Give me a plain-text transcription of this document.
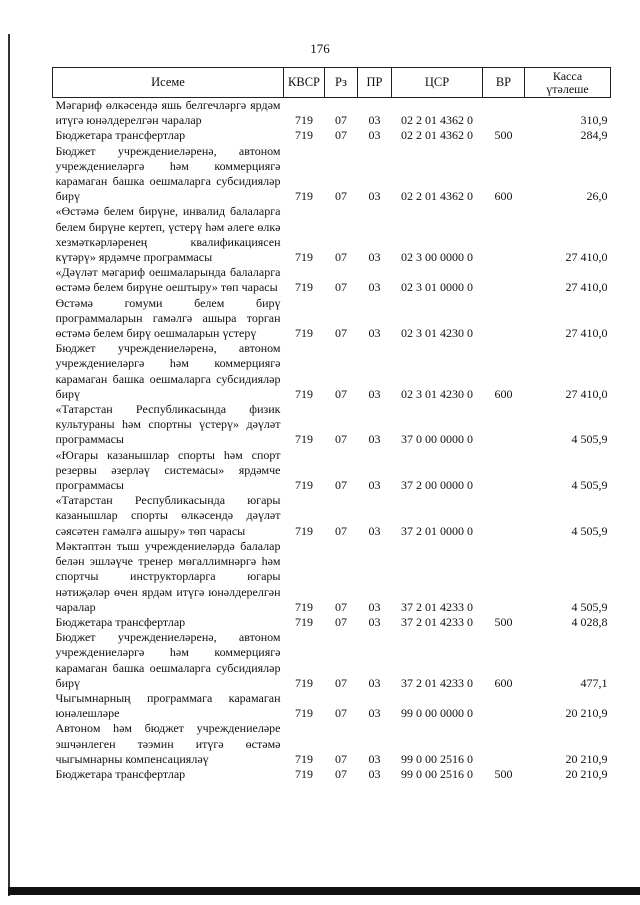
176
Исеме	КВСР	Рз	ПР	ЦСР	ВР	Касса
үтәлеше
Мәгариф өлкәсендә яшь белгечләргә ярдәм итүгә юнәлдерелгән чаралар	719	07	03	02 2 01 4362 0		310,9
Бюджетара трансфертлар	719	07	03	02 2 01 4362 0	500	284,9
Бюджет учреждениеләренә, автоном учреждениеләргә һәм коммерциягә карамаган башка оешмаларга субсидияләр бирү	719	07	03	02 2 01 4362 0	600	26,0
«Өстәмә белем бирүне, инвалид балаларга белем бирүне кертеп, үстерү һәм әлеге өлкә хезмәткәрләренең квалификациясен күтәрү» ярдәмче программасы	719	07	03	02 3 00 0000 0		27 410,0
«Дәүләт мәгариф оешмаларында балаларга өстәмә белем бирүне оештыру» төп чарасы	719	07	03	02 3 01 0000 0		27 410,0
Өстәмә гомуми белем бирү программаларын гамәлгә ашыра торган өстәмә белем бирү оешмаларын үстерү	719	07	03	02 3 01 4230 0		27 410,0
Бюджет учреждениеләренә, автоном учреждениеләргә һәм коммерциягә карамаган башка оешмаларга субсидияләр бирү	719	07	03	02 3 01 4230 0	600	27 410,0
«Татарстан Республикасында физик культураны һәм спортны үстерү» дәүләт программасы	719	07	03	37 0 00 0000 0		4 505,9
«Югары казанышлар спорты һәм спорт резервы әзерләү системасы» ярдәмче программасы	719	07	03	37 2 00 0000 0		4 505,9
«Татарстан Республикасында югары казанышлар спорты өлкәсендә дәүләт сәясәтен гамәлгә ашыру» төп чарасы	719	07	03	37 2 01 0000 0		4 505,9
Мәктәптән тыш учреждениеләрдә балалар белән эшләүче тренер мөгаллимнәргә һәм спортчы инструкторларга югары нәтиҗәләр өчен ярдәм итүгә юнәлдерелгән чаралар	719	07	03	37 2 01 4233 0		4 505,9
Бюджетара трансфертлар	719	07	03	37 2 01 4233 0	500	4 028,8
Бюджет учреждениеләренә, автоном учреждениеләргә һәм коммерциягә карамаган башка оешмаларга субсидияләр бирү	719	07	03	37 2 01 4233 0	600	477,1
Чыгымнарның программага карамаган юнәлешләре	719	07	03	99 0 00 0000 0		20 210,9
Автоном һәм бюджет учреждениеләре эшчәнлеген тәэмин итүгә өстәмә чыгымнарны компенсацияләү	719	07	03	99 0 00 2516 0		20 210,9
Бюджетара трансфертлар	719	07	03	99 0 00 2516 0	500	20 210,9
